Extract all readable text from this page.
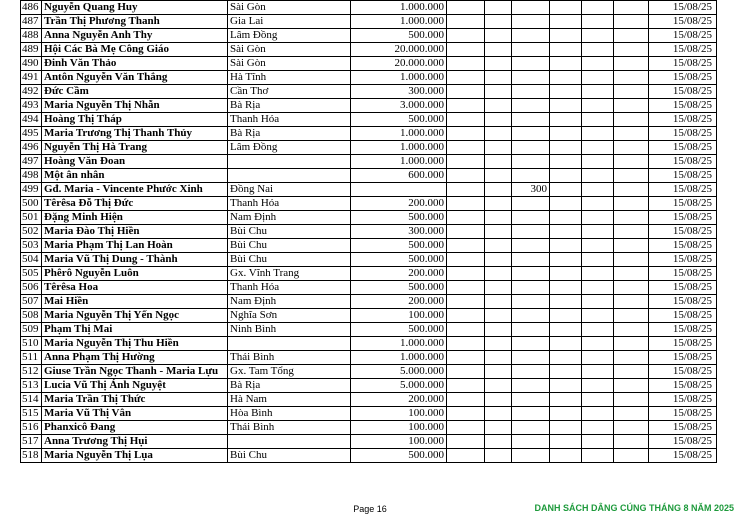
486	Nguyễn Quang Huy	Sài Gòn	1.000.000							15/08/25
487	Trần Thị Phương Thanh	Gia Lai	1.000.000							15/08/25
488	Anna Nguyễn Anh Thy	Lâm Đồng	500.000							15/08/25
489	Hội Các Bà Mẹ Công Giáo	Sài Gòn	20.000.000							15/08/25
490	Đinh Văn Thảo	Sài Gòn	20.000.000							15/08/25
491	Antôn Nguyễn Văn Thắng	Hà Tĩnh	1.000.000							15/08/25
492	Đức Cầm	Cần Thơ	300.000							15/08/25
493	Maria Nguyễn Thị Nhẫn	Bà Rịa	3.000.000							15/08/25
494	Hoàng Thị Tháp	Thanh Hóa	500.000							15/08/25
495	Maria Trương Thị Thanh Thủy	Bà Rịa	1.000.000							15/08/25
496	Nguyễn Thị Hà Trang	Lâm Đồng	1.000.000							15/08/25
497	Hoàng Văn Đoan		1.000.000							15/08/25
498	Một ân nhân		600.000							15/08/25
499	Gđ. Maria - Vincente Phước Xinh	Đồng Nai				300				15/08/25
500	Têrêsa Đỗ Thị Đức	Thanh Hóa	200.000							15/08/25
501	Đặng Minh Hiện	Nam Định	500.000							15/08/25
502	Maria Đào Thị Hiền	Bùi Chu	300.000							15/08/25
503	Maria Phạm Thị Lan Hoàn	Bùi Chu	500.000							15/08/25
504	Maria Vũ Thị Dung - Thành	Bùi Chu	500.000							15/08/25
505	Phêrô Nguyễn Luôn	Gx. Vĩnh Trang	200.000							15/08/25
506	Têrêsa Hoa	Thanh Hóa	500.000							15/08/25
507	Mai Hiền	Nam Định	200.000							15/08/25
508	Maria Nguyễn Thị Yến Ngọc	Nghĩa Sơn	100.000							15/08/25
509	Phạm Thị Mai	Ninh Bình	500.000							15/08/25
510	Maria Nguyễn Thị Thu Hiền		1.000.000							15/08/25
511	Anna Phạm Thị Hường	Thái Bình	1.000.000							15/08/25
512	Giuse Trần Ngọc Thanh - Maria Lựu	Gx. Tam Tổng	5.000.000							15/08/25
513	Lucia Vũ Thị Ánh Nguyệt	Bà Rịa	5.000.000							15/08/25
514	Maria Trần Thị Thức	Hà Nam	200.000							15/08/25
515	Maria Vũ Thị Vân	Hòa Bình	100.000							15/08/25
516	Phanxicô Đang	Thái Bình	100.000							15/08/25
517	Anna Trương Thị Hụi		100.000							15/08/25
518	Maria Nguyễn Thị Lụa	Bùi Chu	500.000							15/08/25
Page 16	DANH SÁCH DÂNG CÚNG THÁNG 8 NĂM 2025
